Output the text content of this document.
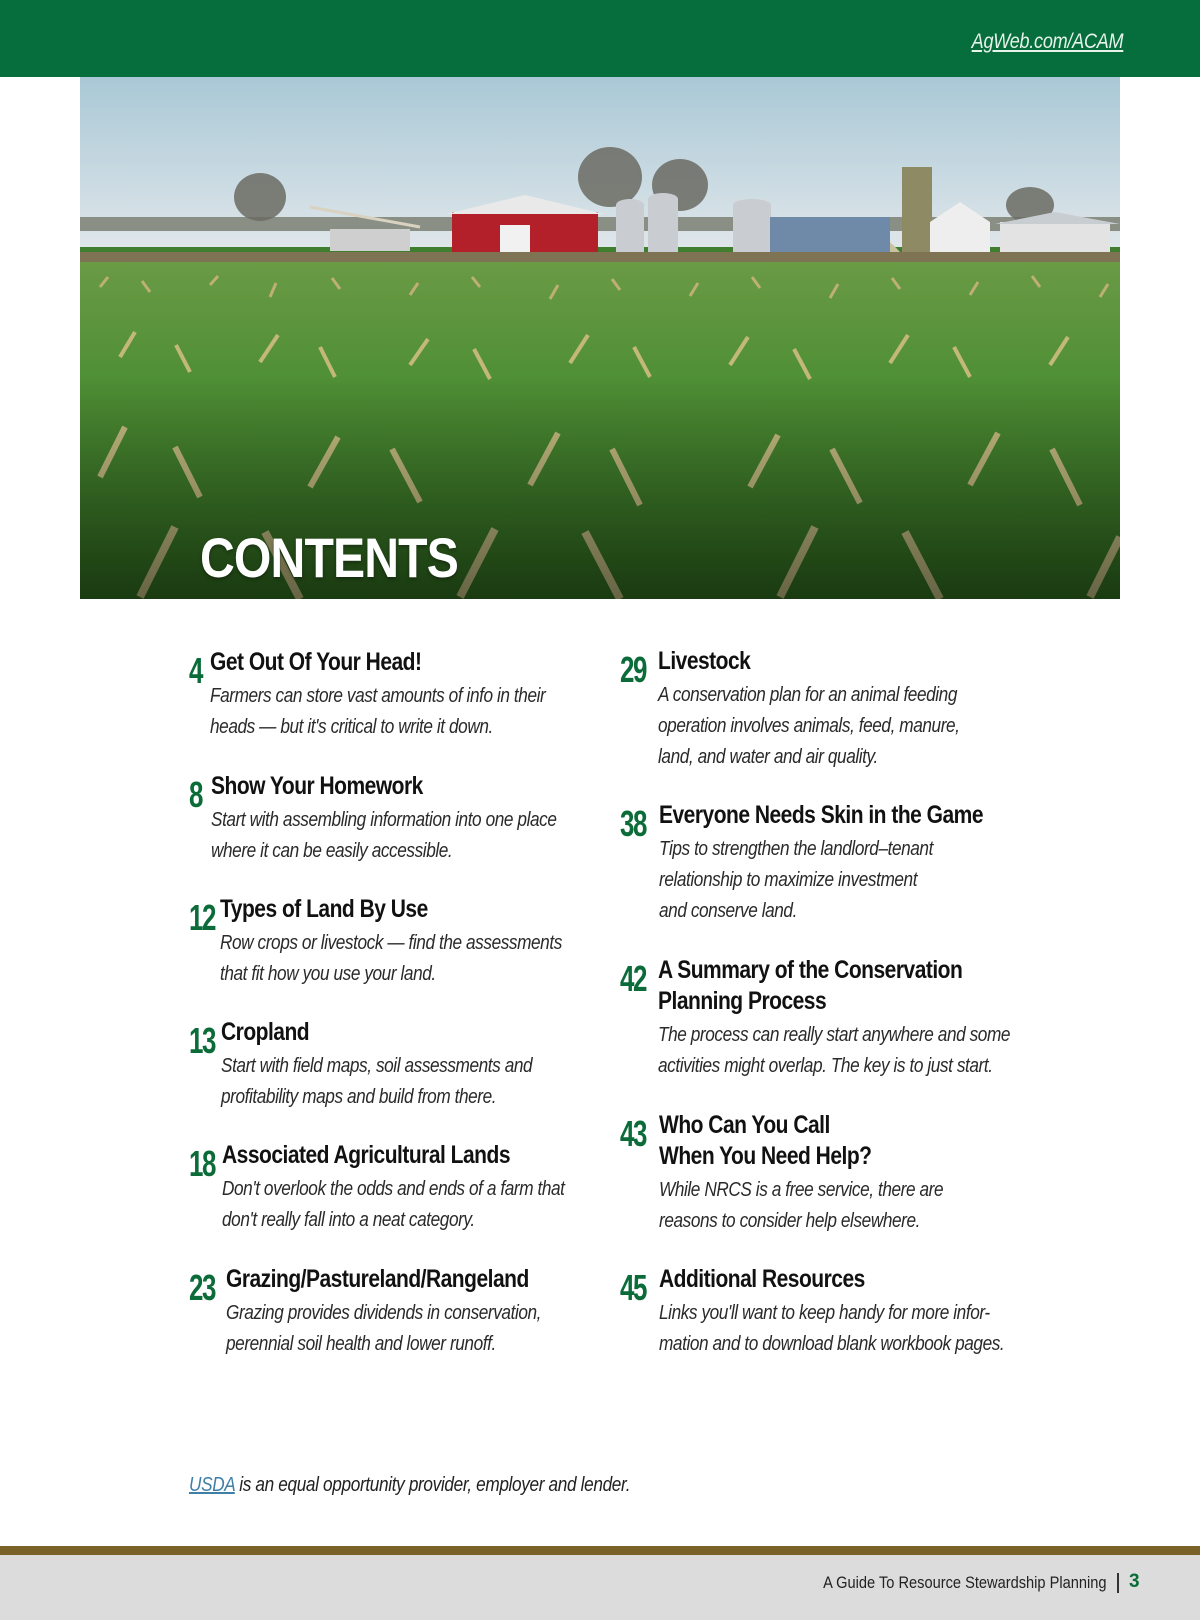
AgWeb.com/ACAM
CONTENTS
4 Get Out Of Your Head!
Farmers can store vast amounts of info in their
heads — but it's critical to write it down.
8 Show Your Homework
Start with assembling information into one place
where it can be easily accessible.
12 Types of Land By Use
Row crops or livestock — find the assessments
that fit how you use your land.
13 Cropland
Start with field maps, soil assessments and
profitability maps and build from there.
18 Associated Agricultural Lands
Don't overlook the odds and ends of a farm that
don't really fall into a neat category.
23 Grazing/Pastureland/Rangeland
Grazing provides dividends in conservation,
perennial soil health and lower runoff.
29 Livestock
A conservation plan for an animal feeding
operation involves animals, feed, manure,
land, and water and air quality.
38 Everyone Needs Skin in the Game
Tips to strengthen the landlord–tenant
relationship to maximize investment
and conserve land.
42 A Summary of the Conservation
Planning Process
The process can really start anywhere and some
activities might overlap. The key is to just start.
43 Who Can You Call
When You Need Help?
While NRCS is a free service, there are
reasons to consider help elsewhere.
45 Additional Resources
Links you'll want to keep handy for more infor-
mation and to download blank workbook pages.
USDA is an equal opportunity provider, employer and lender.
A Guide To Resource Stewardship Planning 3
